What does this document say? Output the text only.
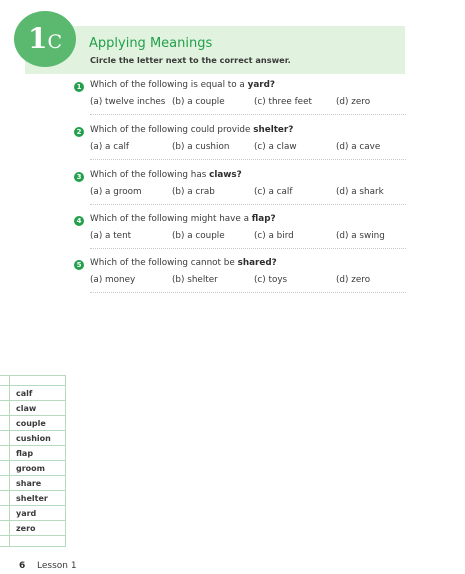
1C	Applying Meanings
Circle the letter next to the correct answer.
1 Which of the following is equal to a yard?
(a) twelve inches (b) a couple	(c) three feet	(d) zero
2 Which of the following could provide shelter?
(a) a calf	(b) a cushion	(c) a claw	(d) a cave
3 Which of the following has claws?
(a) a groom	(b) a crab	(c) a calf	(d) a shark
4 Which of the following might have a flap?
(a) a tent	(b) a couple	(c) a bird	(d) a swing
5 Which of the following cannot be shared?
(a) money	(b) shelter	(c) toys	(d) zero
calf
claw
couple
cushion
flap
groom
share
shelter
yard
zero
6 Lesson 1
